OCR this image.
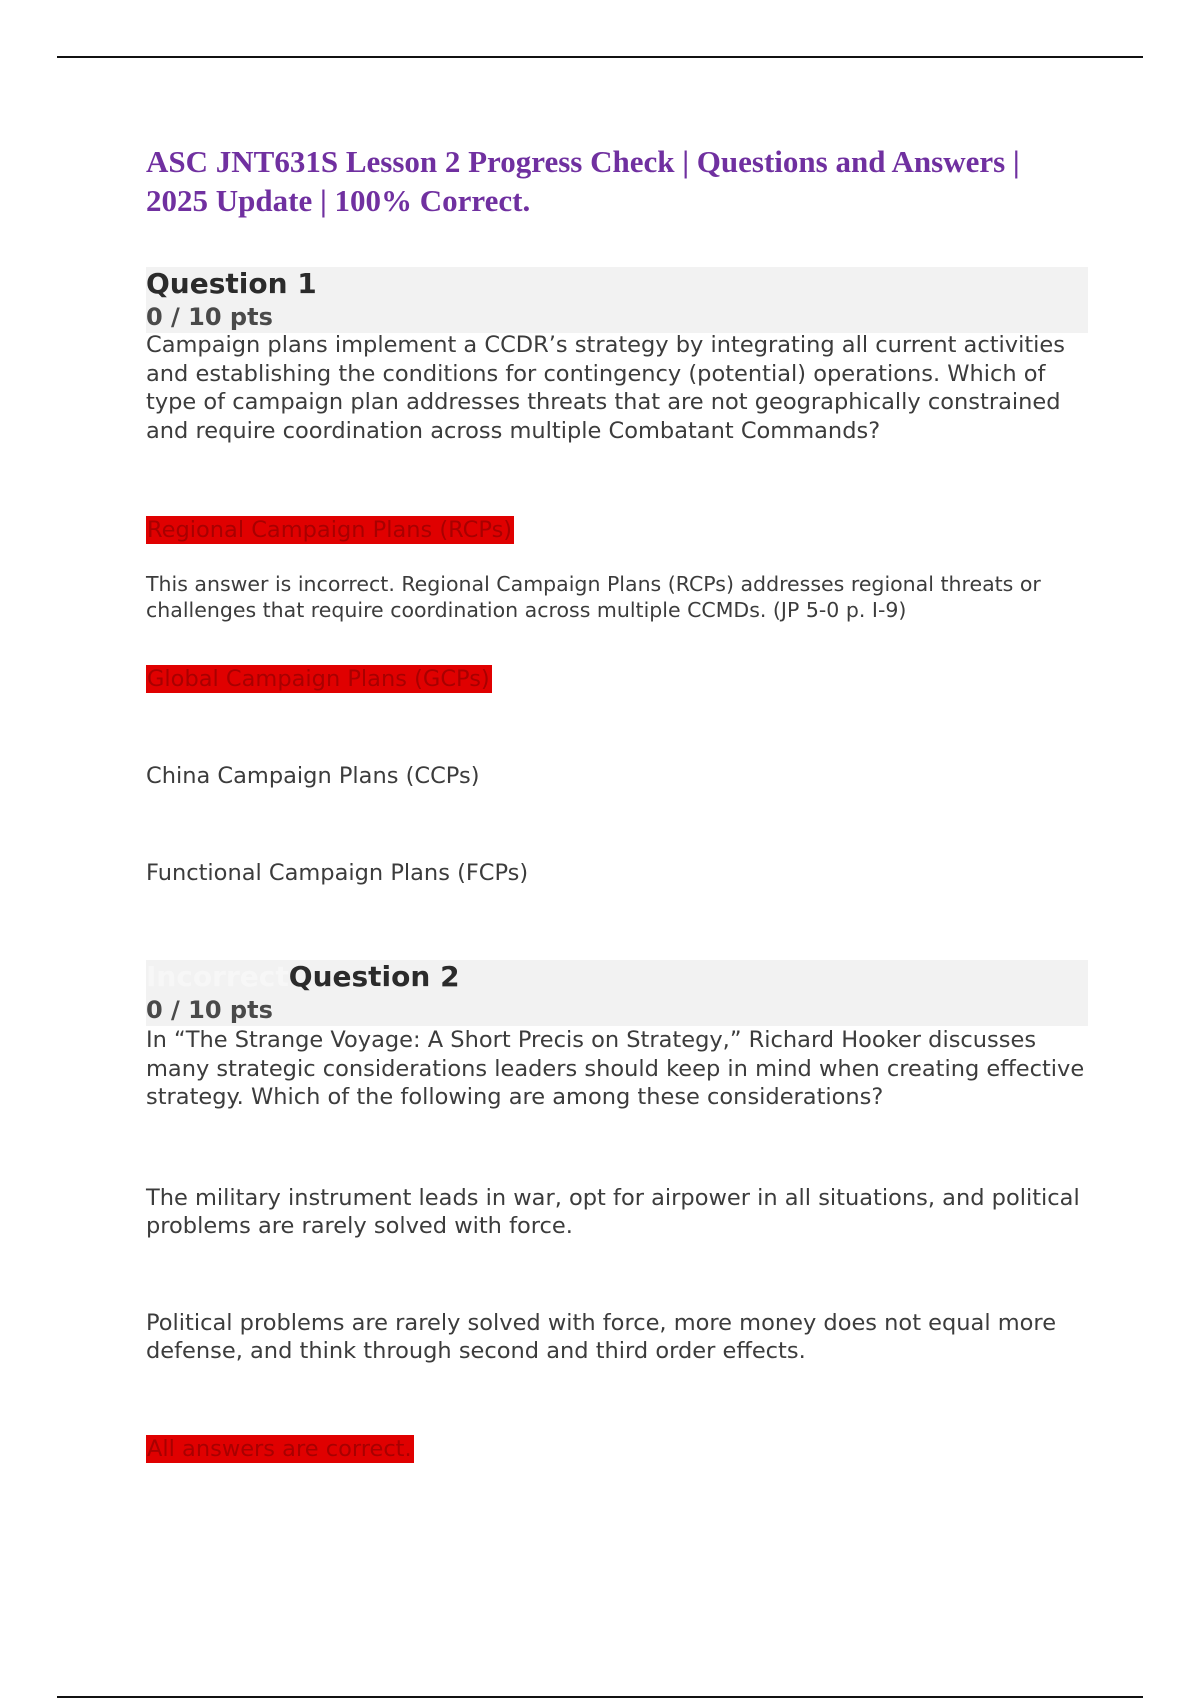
ASC JNT631S Lesson 2 Progress Check | Questions and Answers | 2025 Update | 100% Correct.
Question 1
0 / 10 pts

Campaign plans implement a CCDR’s strategy by integrating all current activities and establishing the conditions for contingency (potential) operations. Which of type of campaign plan addresses threats that are not geographically constrained and require coordination across multiple Combatant Commands?

Regional Campaign Plans (RCPs)

This answer is incorrect. Regional Campaign Plans (RCPs) addresses regional threats or challenges that require coordination across multiple CCMDs. (JP 5-0 p. I-9)

Global Campaign Plans (GCPs)
China Campaign Plans (CCPs)
Functional Campaign Plans (FCPs)
IncorrectQuestion 2
0 / 10 pts

In “The Strange Voyage: A Short Precis on Strategy,” Richard Hooker discusses many strategic considerations leaders should keep in mind when creating effective strategy. Which of the following are among these considerations?

The military instrument leads in war, opt for airpower in all situations, and political problems are rarely solved with force.

Political problems are rarely solved with force, more money does not equal more defense, and think through second and third order effects.

All answers are correct.
